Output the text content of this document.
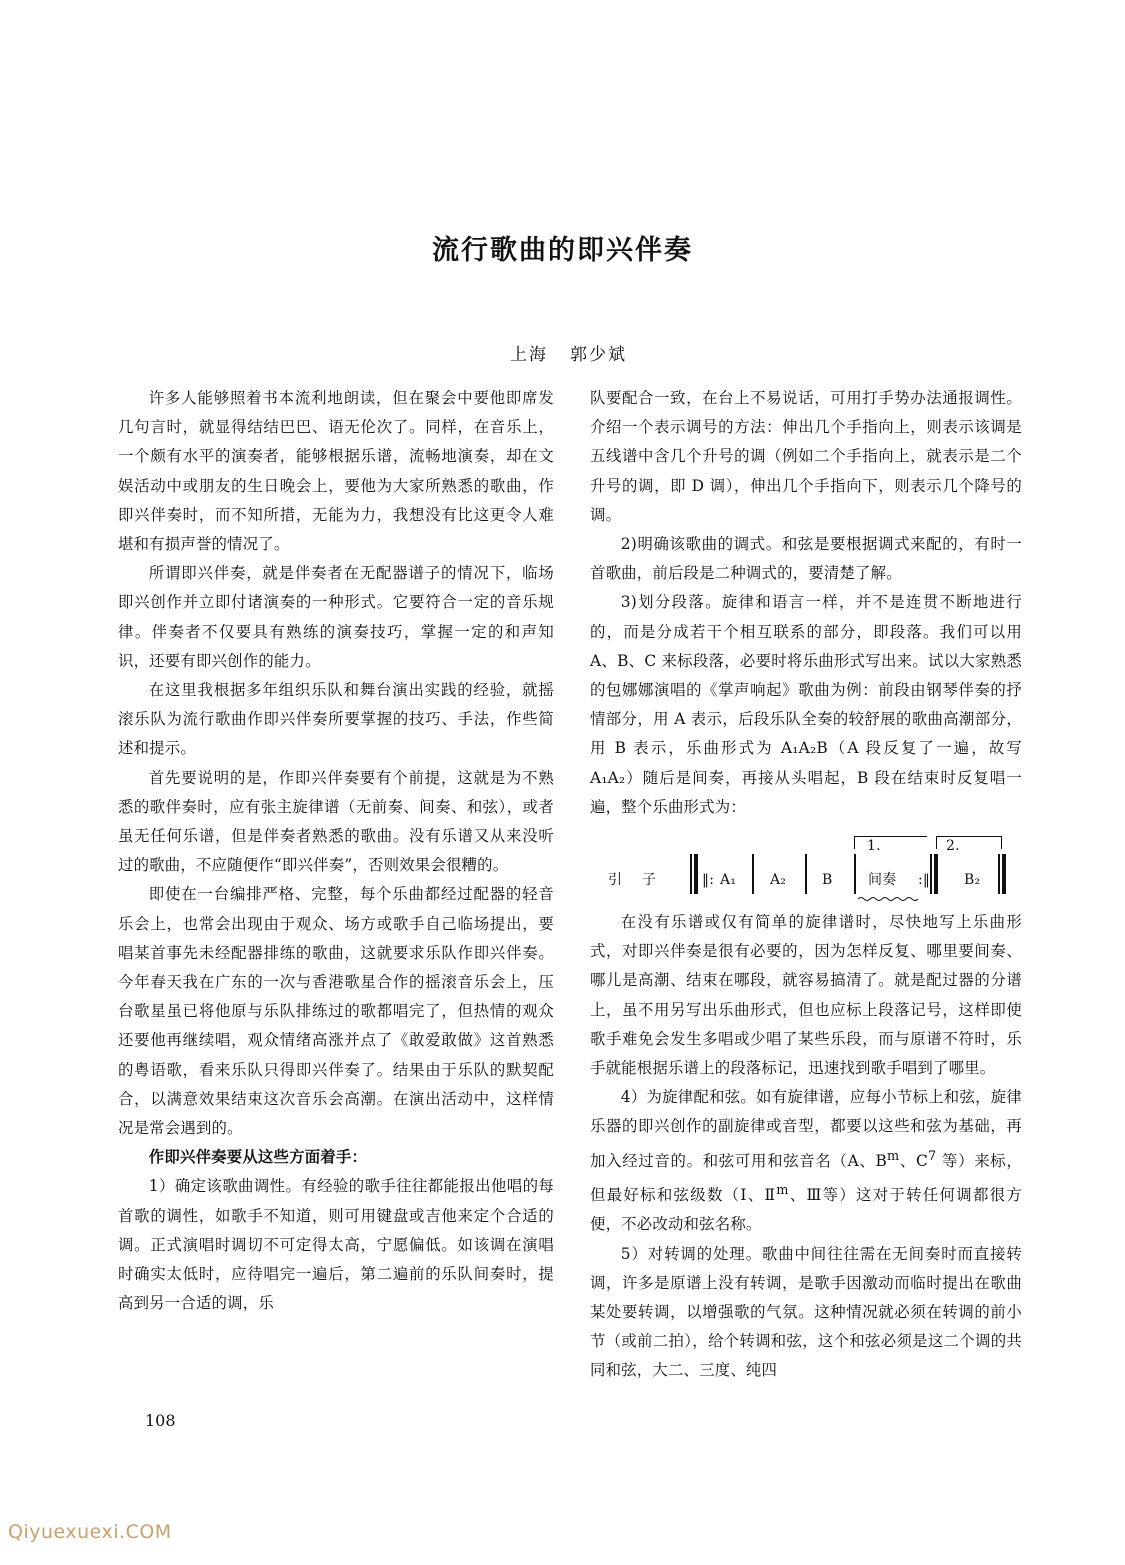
流行歌曲的即兴伴奏
上海 郭少斌

许多人能够照着书本流利地朗读，但在聚会中要他即席发几句言时，就显得结结巴巴、语无伦次了。同样，在音乐上，一个颇有水平的演奏者，能够根据乐谱，流畅地演奏，却在文娱活动中或朋友的生日晚会上，要他为大家所熟悉的歌曲，作即兴伴奏时，而不知所措，无能为力，我想没有比这更令人难堪和有损声誉的情况了。

所谓即兴伴奏，就是伴奏者在无配器谱子的情况下，临场即兴创作并立即付诸演奏的一种形式。它要符合一定的音乐规律。伴奏者不仅要具有熟练的演奏技巧，掌握一定的和声知识，还要有即兴创作的能力。

在这里我根据多年组织乐队和舞台演出实践的经验，就摇滚乐队为流行歌曲作即兴伴奏所要掌握的技巧、手法，作些简述和提示。

首先要说明的是，作即兴伴奏要有个前提，这就是为不熟悉的歌伴奏时，应有张主旋律谱（无前奏、间奏、和弦），或者虽无任何乐谱，但是伴奏者熟悉的歌曲。没有乐谱又从来没听过的歌曲，不应随便作“即兴伴奏”，否则效果会很糟的。

即使在一台编排严格、完整，每个乐曲都经过配器的轻音乐会上，也常会出现由于观众、场方或歌手自己临场提出，要唱某首事先未经配器排练的歌曲，这就要求乐队作即兴伴奏。今年春天我在广东的一次与香港歌星合作的摇滚音乐会上，压台歌星虽已将他原与乐队排练过的歌都唱完了，但热情的观众还要他再继续唱，观众情绪高涨并点了《敢爱敢做》这首熟悉的粤语歌，看来乐队只得即兴伴奏了。结果由于乐队的默契配合，以满意效果结束这次音乐会高潮。在演出活动中，这样情况是常会遇到的。

作即兴伴奏要从这些方面着手：

1）确定该歌曲调性。有经验的歌手往往都能报出他唱的每首歌的调性，如歌手不知道，则可用键盘或吉他来定个合适的调。正式演唱时调切不可定得太高，宁愿偏低。如该调在演唱时确实太低时，应待唱完一遍后，第二遍前的乐队间奏时，提高到另一合适的调，乐

队要配合一致，在台上不易说话，可用打手势办法通报调性。介绍一个表示调号的方法：伸出几个手指向上，则表示该调是五线谱中含几个升号的调（例如二个手指向上，就表示是二个升号的调，即 D 调），伸出几个手指向下，则表示几个降号的调。

2)明确该歌曲的调式。和弦是要根据调式来配的，有时一首歌曲，前后段是二种调式的，要清楚了解。

3)划分段落。旋律和语言一样，并不是连贯不断地进行的，而是分成若干个相互联系的部分，即段落。我们可以用 A、B、C 来标段落，必要时将乐曲形式写出来。试以大家熟悉的包娜娜演唱的《掌声响起》歌曲为例：前段由钢琴伴奏的抒情部分，用 A 表示，后段乐队全奏的较舒展的歌曲高潮部分，用 B 表示，乐曲形式为 A₁A₂B（A 段反复了一遍，故写 A₁A₂）随后是间奏，再接从头唱起，B 段在结束时反复唱一遍，整个乐曲形式为：

引子 ‖: A₁ A₂	B
1.
间奏 :‖
2.
B₂

在没有乐谱或仅有简单的旋律谱时，尽快地写上乐曲形式，对即兴伴奏是很有必要的，因为怎样反复、哪里要间奏、哪儿是高潮、结束在哪段，就容易搞清了。就是配过器的分谱上，虽不用另写出乐曲形式，但也应标上段落记号，这样即使歌手难免会发生多唱或少唱了某些乐段，而与原谱不符时，乐手就能根据乐谱上的段落标记，迅速找到歌手唱到了哪里。

4）为旋律配和弦。如有旋律谱，应每小节标上和弦，旋律乐器的即兴创作的副旋律或音型，都要以这些和弦为基础，再加入经过音的。和弦可用和弦音名（A、$B^m$、$C^7$ 等）来标，但最好标和弦级数（Ⅰ、Ⅱ$^m$、Ⅲ等）这对于转任何调都很方便，不必改动和弦名称。

5）对转调的处理。歌曲中间往往需在无间奏时而直接转调，许多是原谱上没有转调，是歌手因激动而临时提出在歌曲某处要转调，以增强歌的气氛。这种情况就必须在转调的前小节（或前二拍），给个转调和弦，这个和弦必须是这二个调的共同和弦，大二、三度、纯四

108
Qiyuexuexi.COM
